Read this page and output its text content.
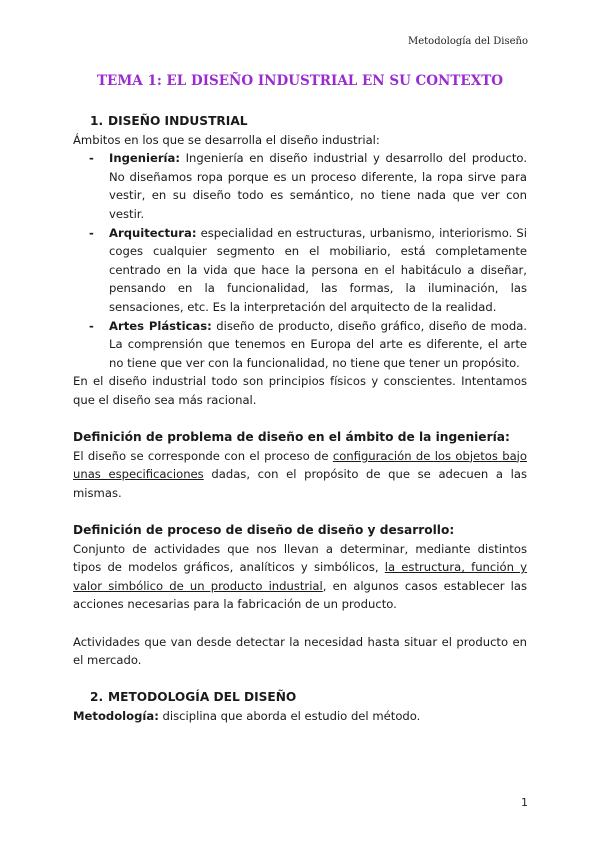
Metodología del Diseño
TEMA 1: EL DISEÑO INDUSTRIAL EN SU CONTEXTO

1. DISEÑO INDUSTRIAL

Ámbitos en los que se desarrolla el diseño industrial:

- Ingeniería: Ingeniería en diseño industrial y desarrollo del producto. No diseñamos ropa porque es un proceso diferente, la ropa sirve para vestir, en su diseño todo es semántico, no tiene nada que ver con vestir.
- Arquitectura: especialidad en estructuras, urbanismo, interiorismo. Si coges cualquier segmento en el mobiliario, está completamente centrado en la vida que hace la persona en el habitáculo a diseñar, pensando en la funcionalidad, las formas, la iluminación, las sensaciones, etc. Es la interpretación del arquitecto de la realidad.
- Artes Plásticas: diseño de producto, diseño gráfico, diseño de moda. La comprensión que tenemos en Europa del arte es diferente, el arte no tiene que ver con la funcionalidad, no tiene que tener un propósito.

En el diseño industrial todo son principios físicos y conscientes. Intentamos que el diseño sea más racional.

Definición de problema de diseño en el ámbito de la ingeniería:

El diseño se corresponde con el proceso de configuración de los objetos bajo unas especificaciones dadas, con el propósito de que se adecuen a las mismas.

Definición de proceso de diseño de diseño y desarrollo:

Conjunto de actividades que nos llevan a determinar, mediante distintos tipos de modelos gráficos, analíticos y simbólicos, la estructura, función y valor simbólico de un producto industrial, en algunos casos establecer las acciones necesarias para la fabricación de un producto.

Actividades que van desde detectar la necesidad hasta situar el producto en el mercado.

2. METODOLOGÍA DEL DISEÑO

Metodología: disciplina que aborda el estudio del método.

1
